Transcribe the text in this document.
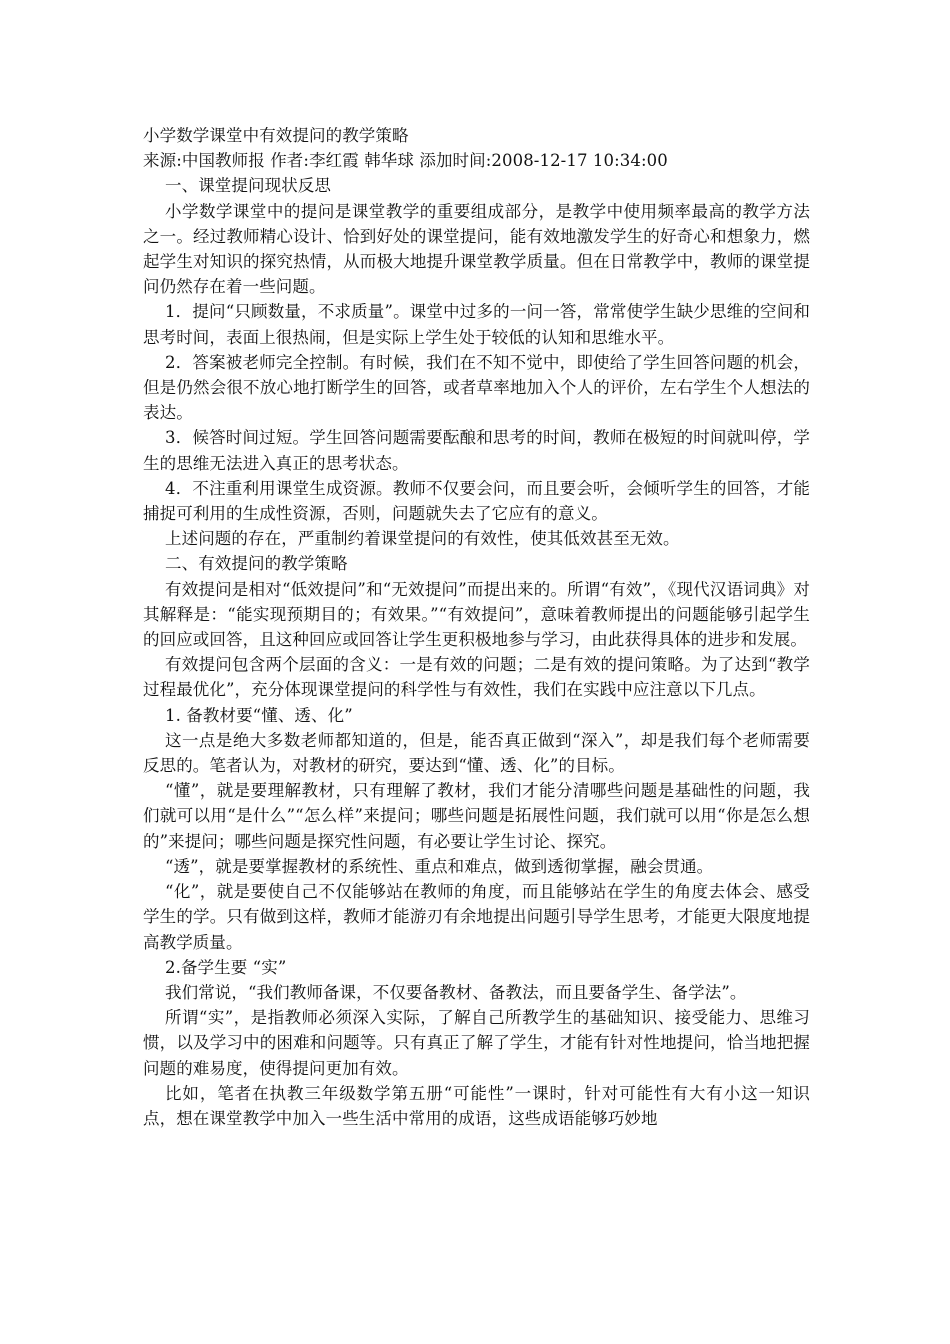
小学数学课堂中有效提问的教学策略

来源:中国教师报 作者:李红霞 韩华球 添加时间:2008-12-17 10:34:00

一、课堂提问现状反思

小学数学课堂中的提问是课堂教学的重要组成部分，是教学中使用频率最高的教学方法之一。经过教师精心设计、恰到好处的课堂提问，能有效地激发学生的好奇心和想象力，燃起学生对知识的探究热情，从而极大地提升课堂教学质量。但在日常教学中，教师的课堂提问仍然存在着一些问题。

1．提问“只顾数量，不求质量”。课堂中过多的一问一答，常常使学生缺少思维的空间和思考时间，表面上很热闹，但是实际上学生处于较低的认知和思维水平。

2．答案被老师完全控制。有时候，我们在不知不觉中，即使给了学生回答问题的机会，但是仍然会很不放心地打断学生的回答，或者草率地加入个人的评价，左右学生个人想法的表达。

3．候答时间过短。学生回答问题需要酝酿和思考的时间，教师在极短的时间就叫停，学生的思维无法进入真正的思考状态。

4．不注重利用课堂生成资源。教师不仅要会问，而且要会听，会倾听学生的回答，才能捕捉可利用的生成性资源，否则，问题就失去了它应有的意义。

上述问题的存在，严重制约着课堂提问的有效性，使其低效甚至无效。

二、有效提问的教学策略

有效提问是相对“低效提问”和“无效提问”而提出来的。所谓“有效”，《现代汉语词典》对其解释是：“能实现预期目的；有效果。”“有效提问”，意味着教师提出的问题能够引起学生的回应或回答，且这种回应或回答让学生更积极地参与学习，由此获得具体的进步和发展。

有效提问包含两个层面的含义：一是有效的问题；二是有效的提问策略。为了达到“教学过程最优化”，充分体现课堂提问的科学性与有效性，我们在实践中应注意以下几点。

1. 备教材要“懂、透、化”

这一点是绝大多数老师都知道的，但是，能否真正做到“深入”，却是我们每个老师需要反思的。笔者认为，对教材的研究，要达到“懂、透、化”的目标。

“懂”，就是要理解教材，只有理解了教材，我们才能分清哪些问题是基础性的问题，我们就可以用“是什么”“怎么样”来提问；哪些问题是拓展性问题，我们就可以用“你是怎么想的”来提问；哪些问题是探究性问题，有必要让学生讨论、探究。

“透”，就是要掌握教材的系统性、重点和难点，做到透彻掌握，融会贯通。

“化”，就是要使自己不仅能够站在教师的角度，而且能够站在学生的角度去体会、感受学生的学。只有做到这样，教师才能游刃有余地提出问题引导学生思考，才能更大限度地提高教学质量。

2.备学生要 “实”

我们常说，“我们教师备课，不仅要备教材、备教法，而且要备学生、备学法”。

所谓“实”，是指教师必须深入实际，了解自己所教学生的基础知识、接受能力、思维习惯，以及学习中的困难和问题等。只有真正了解了学生，才能有针对性地提问，恰当地把握问题的难易度，使得提问更加有效。

比如，笔者在执教三年级数学第五册“可能性”一课时，针对可能性有大有小这一知识点，想在课堂教学中加入一些生活中常用的成语，这些成语能够巧妙地
